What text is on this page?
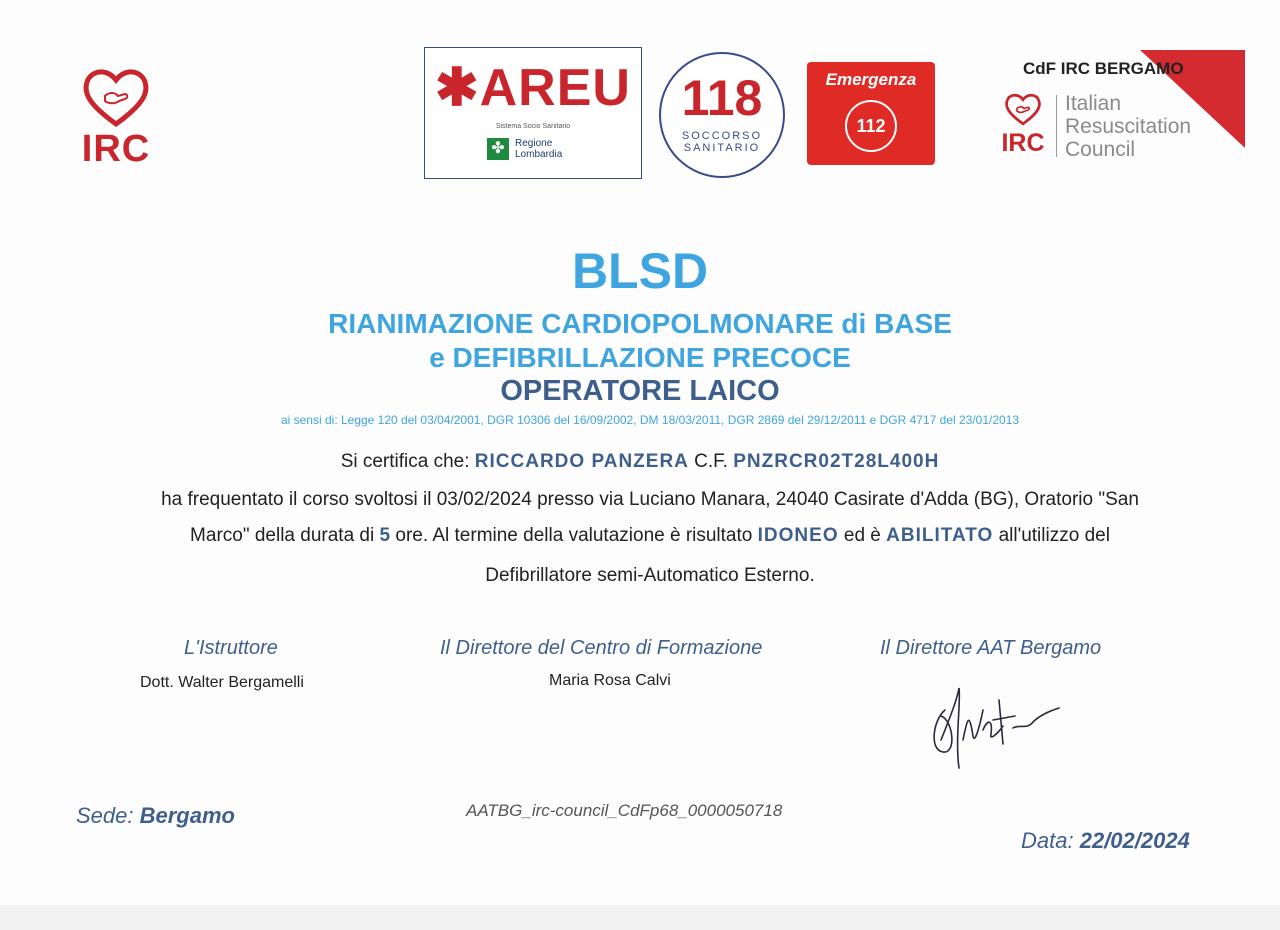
IRC
✱AREU
Sistema Socio Sanitario
✤	Regione
Lombardia
118
SOCCORSO
SANITARIO
Emergenza
112
CdF IRC BERGAMO
IRC
Italian
Resuscitation
Council
BLSD
RIANIMAZIONE CARDIOPOLMONARE di BASE
e DEFIBRILLAZIONE PRECOCE
OPERATORE LAICO
ai sensi di: Legge 120 del 03/04/2001, DGR 10306 del 16/09/2002, DM 18/03/2011, DGR 2869 del 29/12/2011 e DGR 4717 del 23/01/2013
Si certifica che: RICCARDO PANZERA C.F. PNZRCR02T28L400H
ha frequentato il corso svoltosi il 03/02/2024 presso via Luciano Manara, 24040 Casirate d'Adda (BG), Oratorio "San
Marco" della durata di 5 ore. Al termine della valutazione è risultato IDONEO ed è ABILITATO all'utilizzo del
Defibrillatore semi-Automatico Esterno.
L'Istruttore
Dott. Walter Bergamelli
Il Direttore del Centro di Formazione
Maria Rosa Calvi
Il Direttore AAT Bergamo
Sede: Bergamo	AATBG_irc-council_CdFp68_0000050718
Data: 22/02/2024
